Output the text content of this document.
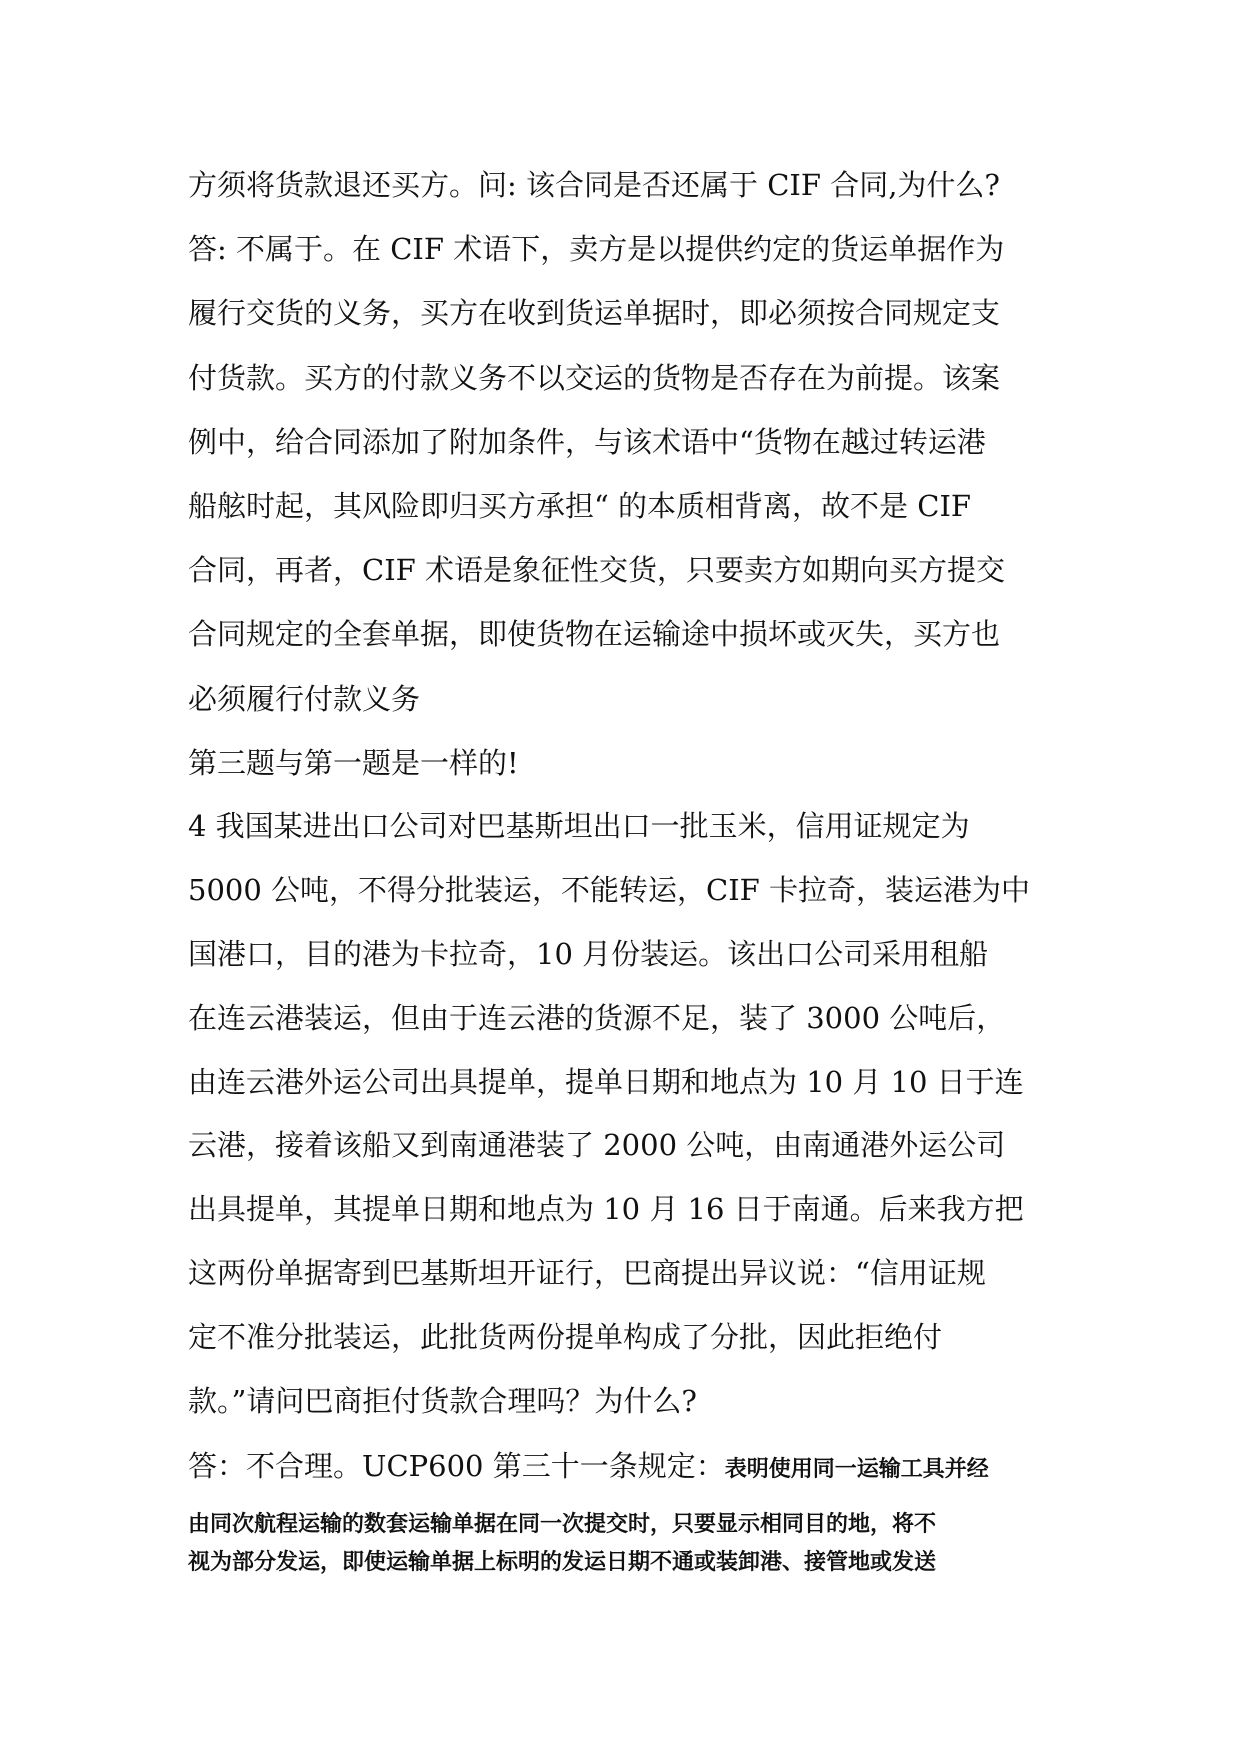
方须将货款退还买方。问: 该合同是否还属于 CIF 合同,为什么?
答: 不属于。在 CIF 术语下，卖方是以提供约定的货运单据作为
履行交货的义务，买方在收到货运单据时，即必须按合同规定支
付货款。买方的付款义务不以交运的货物是否存在为前提。该案
例中，给合同添加了附加条件，与该术语中“货物在越过转运港
船舷时起，其风险即归买方承担“ 的本质相背离，故不是 CIF
合同，再者，CIF 术语是象征性交货，只要卖方如期向买方提交
合同规定的全套单据，即使货物在运输途中损坏或灭失，买方也
必须履行付款义务
第三题与第一题是一样的!
4 我国某进出口公司对巴基斯坦出口一批玉米，信用证规定为
5000 公吨，不得分批装运，不能转运，CIF 卡拉奇，装运港为中
国港口，目的港为卡拉奇，10 月份装运。该出口公司采用租船
在连云港装运，但由于连云港的货源不足，装了 3000 公吨后，
由连云港外运公司出具提单，提单日期和地点为 10 月 10 日于连
云港，接着该船又到南通港装了 2000 公吨，由南通港外运公司
出具提单，其提单日期和地点为 10 月 16 日于南通。后来我方把
这两份单据寄到巴基斯坦开证行，巴商提出异议说：“信用证规
定不准分批装运，此批货两份提单构成了分批，因此拒绝付
款。”请问巴商拒付货款合理吗？为什么?
答：不合理。UCP600 第三十一条规定：表明使用同一运输工具并经
由同次航程运输的数套运输单据在同一次提交时，只要显示相同目的地，将不
视为部分发运，即使运输单据上标明的发运日期不通或装卸港、接管地或发送
